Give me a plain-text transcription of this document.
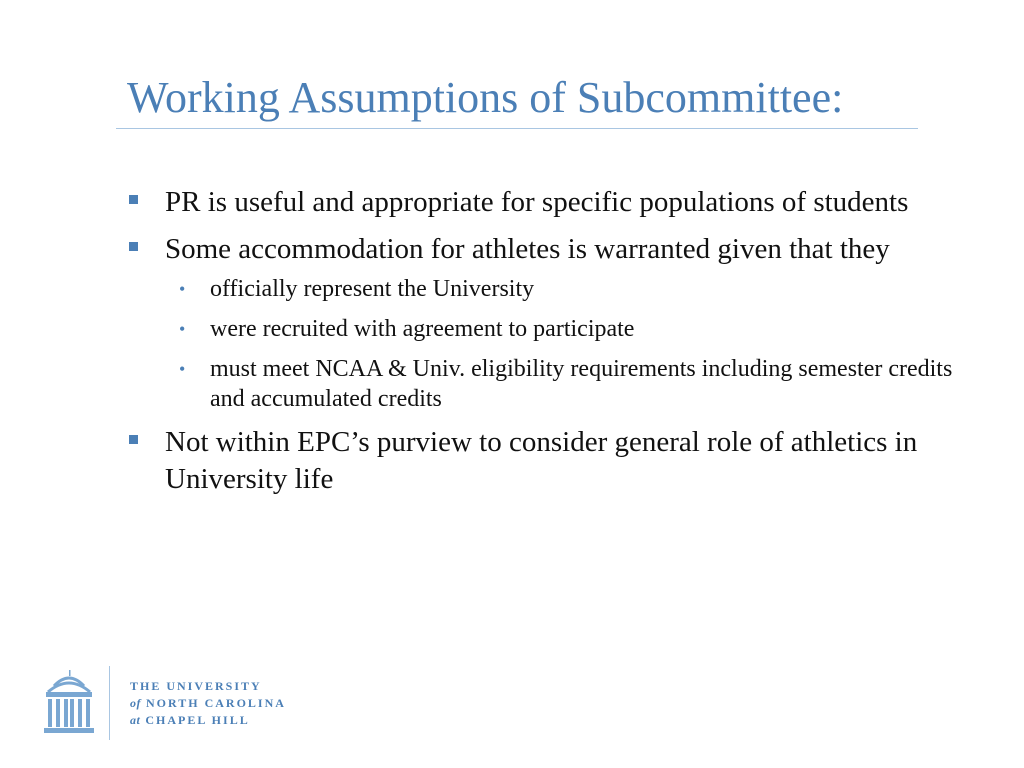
Working Assumptions of Subcommittee:
PR is useful and appropriate for specific populations of students
Some accommodation for athletes is warranted given that they
• officially represent the University
• were recruited with agreement to participate
• must meet NCAA & Univ. eligibility requirements including semester credits and accumulated credits
Not within EPC’s purview to consider general role of athletics in University life
THE UNIVERSITY
of NORTH CAROLINA
at CHAPEL HILL
